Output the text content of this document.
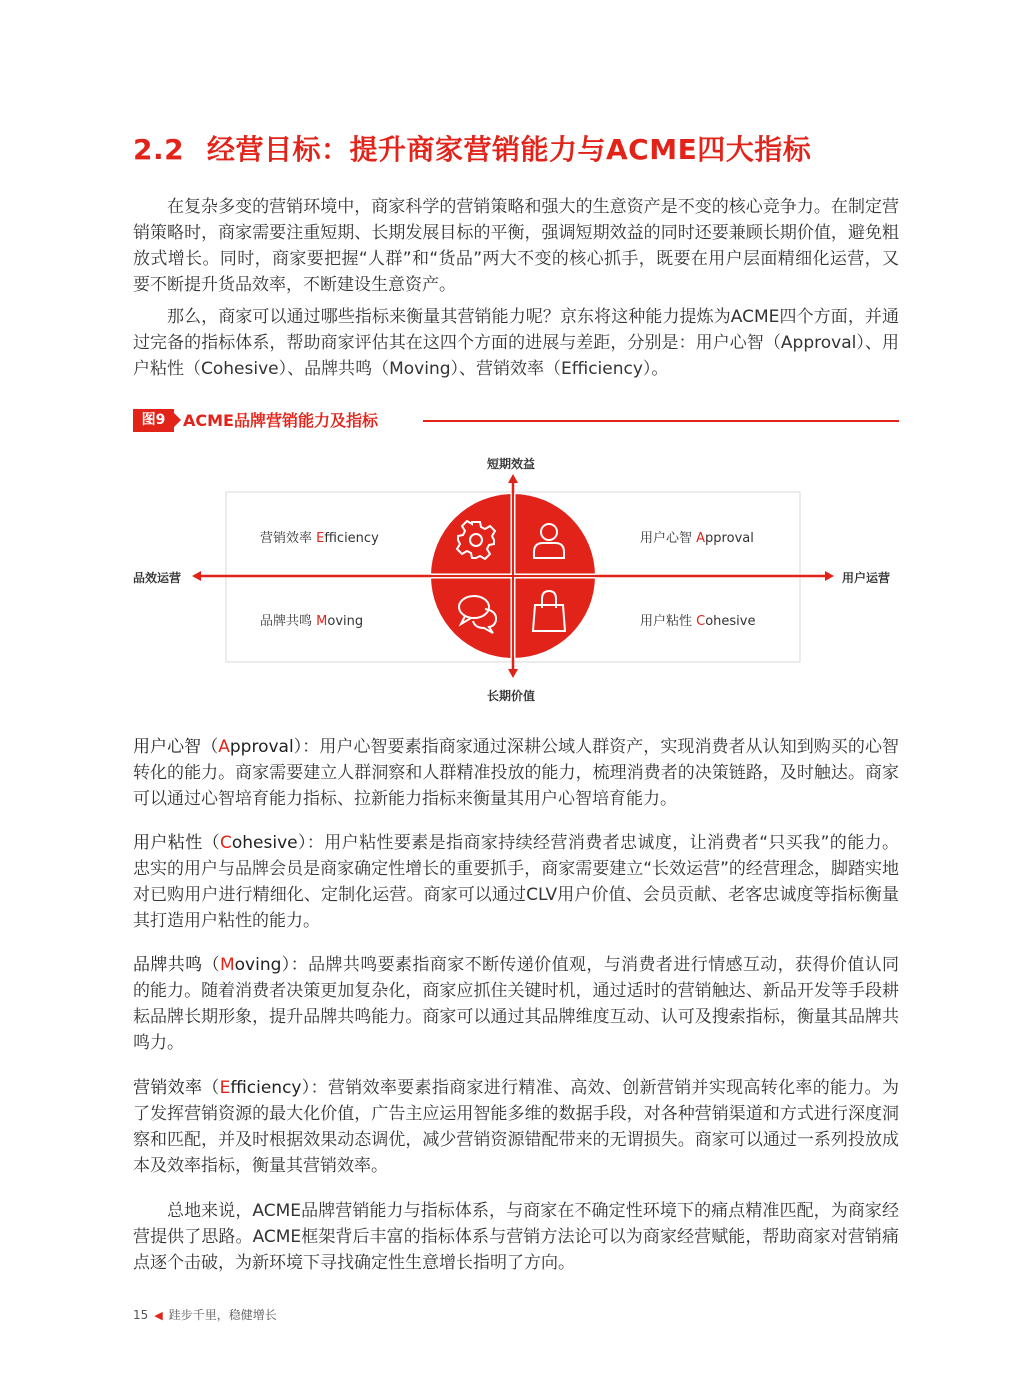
2.2 经营目标：提升商家营销能力与ACME四大指标

在复杂多变的营销环境中，商家科学的营销策略和强大的生意资产是不变的核心竞争力。在制定营销策略时，商家需要注重短期、长期发展目标的平衡，强调短期效益的同时还要兼顾长期价值，避免粗放式增长。同时，商家要把握“人群”和“货品”两大不变的核心抓手，既要在用户层面精细化运营，又要不断提升货品效率，不断建设生意资产。

那么，商家可以通过哪些指标来衡量其营销能力呢？京东将这种能力提炼为ACME四个方面，并通过完备的指标体系，帮助商家评估其在这四个方面的进展与差距，分别是：用户心智（Approval）、用户粘性（Cohesive）、品牌共鸣（Moving）、营销效率（Efficiency）。

图9	ACME品牌营销能力及指标
短期效益
长期价值
品效运营	用户运营
营销效率 Efficiency	用户心智 Approval
品牌共鸣 Moving	用户粘性 Cohesive

用户心智（Approval）：用户心智要素指商家通过深耕公域人群资产，实现消费者从认知到购买的心智转化的能力。商家需要建立人群洞察和人群精准投放的能力，梳理消费者的决策链路，及时触达。商家可以通过心智培育能力指标、拉新能力指标来衡量其用户心智培育能力。

用户粘性（Cohesive）：用户粘性要素是指商家持续经营消费者忠诚度，让消费者“只买我”的能力。忠实的用户与品牌会员是商家确定性增长的重要抓手，商家需要建立“长效运营”的经营理念，脚踏实地对已购用户进行精细化、定制化运营。商家可以通过CLV用户价值、会员贡献、老客忠诚度等指标衡量其打造用户粘性的能力。

品牌共鸣（Moving）：品牌共鸣要素指商家不断传递价值观，与消费者进行情感互动，获得价值认同的能力。随着消费者决策更加复杂化，商家应抓住关键时机，通过适时的营销触达、新品开发等手段耕耘品牌长期形象，提升品牌共鸣能力。商家可以通过其品牌维度互动、认可及搜索指标，衡量其品牌共鸣力。

营销效率（Efficiency）：营销效率要素指商家进行精准、高效、创新营销并实现高转化率的能力。为了发挥营销资源的最大化价值，广告主应运用智能多维的数据手段，对各种营销渠道和方式进行深度洞察和匹配，并及时根据效果动态调优，减少营销资源错配带来的无谓损失。商家可以通过一系列投放成本及效率指标，衡量其营销效率。

总地来说，ACME品牌营销能力与指标体系，与商家在不确定性环境下的痛点精准匹配，为商家经营提供了思路。ACME框架背后丰富的指标体系与营销方法论可以为商家经营赋能，帮助商家对营销痛点逐个击破，为新环境下寻找确定性生意增长指明了方向。

15 ◀ 跬步千里，稳健增长
